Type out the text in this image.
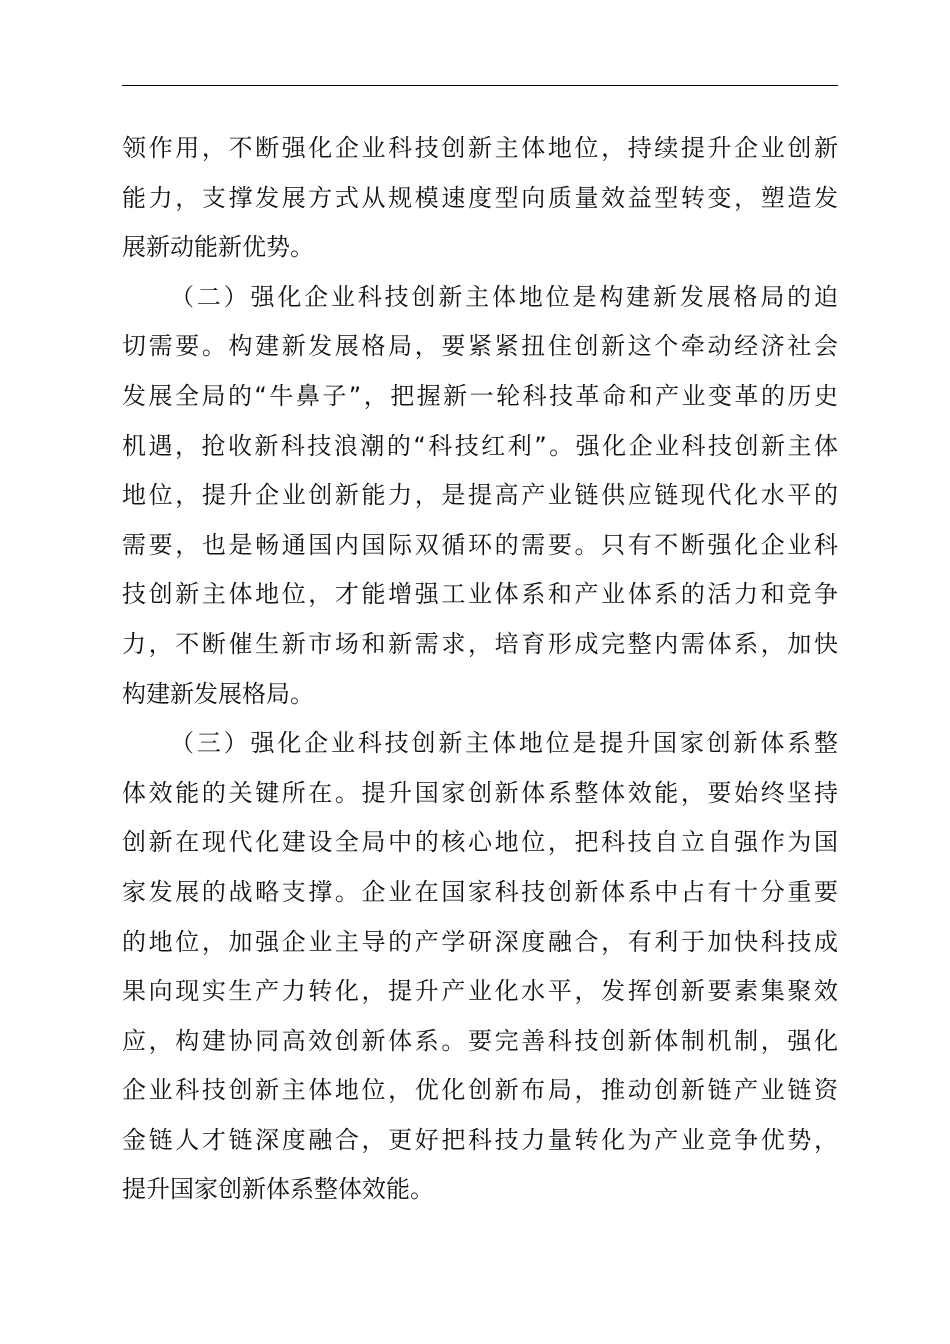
领作用，不断强化企业科技创新主体地位，持续提升企业创新
能力，支撑发展方式从规模速度型向质量效益型转变，塑造发
展新动能新优势。

（二）强化企业科技创新主体地位是构建新发展格局的迫
切需要。构建新发展格局，要紧紧扭住创新这个牵动经济社会
发展全局的“牛鼻子”，把握新一轮科技革命和产业变革的历史
机遇，抢收新科技浪潮的“科技红利”。强化企业科技创新主体
地位，提升企业创新能力，是提高产业链供应链现代化水平的
需要，也是畅通国内国际双循环的需要。只有不断强化企业科
技创新主体地位，才能增强工业体系和产业体系的活力和竞争
力，不断催生新市场和新需求，培育形成完整内需体系，加快
构建新发展格局。

（三）强化企业科技创新主体地位是提升国家创新体系整
体效能的关键所在。提升国家创新体系整体效能，要始终坚持
创新在现代化建设全局中的核心地位，把科技自立自强作为国
家发展的战略支撑。企业在国家科技创新体系中占有十分重要
的地位，加强企业主导的产学研深度融合，有利于加快科技成
果向现实生产力转化，提升产业化水平，发挥创新要素集聚效
应，构建协同高效创新体系。要完善科技创新体制机制，强化
企业科技创新主体地位，优化创新布局，推动创新链产业链资
金链人才链深度融合，更好把科技力量转化为产业竞争优势，
提升国家创新体系整体效能。
